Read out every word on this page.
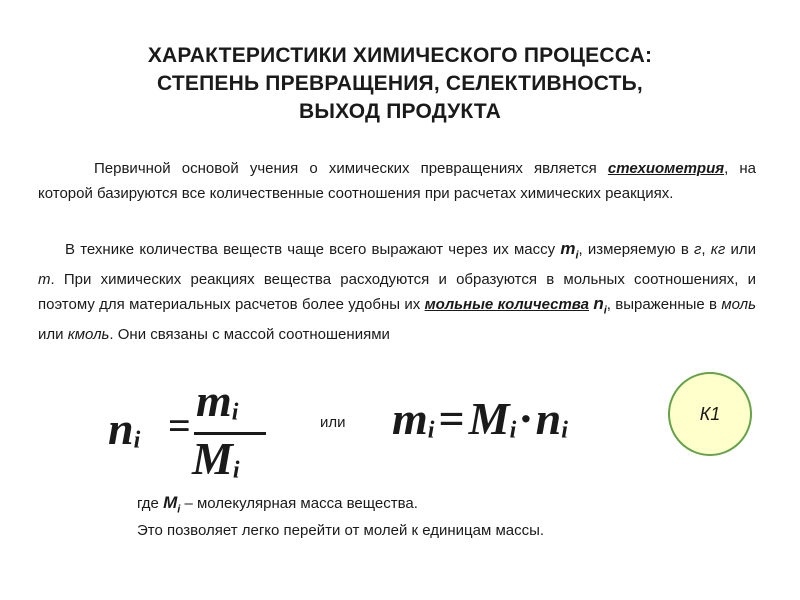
ХАРАКТЕРИСТИКИ ХИМИЧЕСКОГО ПРОЦЕССА:
СТЕПЕНЬ ПРЕВРАЩЕНИЯ, СЕЛЕКТИВНОСТЬ,
ВЫХОД ПРОДУКТА
Первичной основой учения о химических превращениях является стехиометрия, на которой базируются все количественные соотношения при расчетах химических реакциях.
В технике количества веществ чаще всего выражают через их массу $m_i$, измеряемую в г, кг или т. При химических реакциях вещества расходуются и образуются в мольных соотношениях, и поэтому для материальных расчетов более удобны их мольные количества $n_i$, выраженные в моль или кмоль. Они связаны с массой соотношениями
$n_i = m_i$
$M_i$
или $m_i=M_i\cdot n_i$
К1
где $M_i$ – молекулярная масса вещества.
Это позволяет легко перейти от молей к единицам массы.
